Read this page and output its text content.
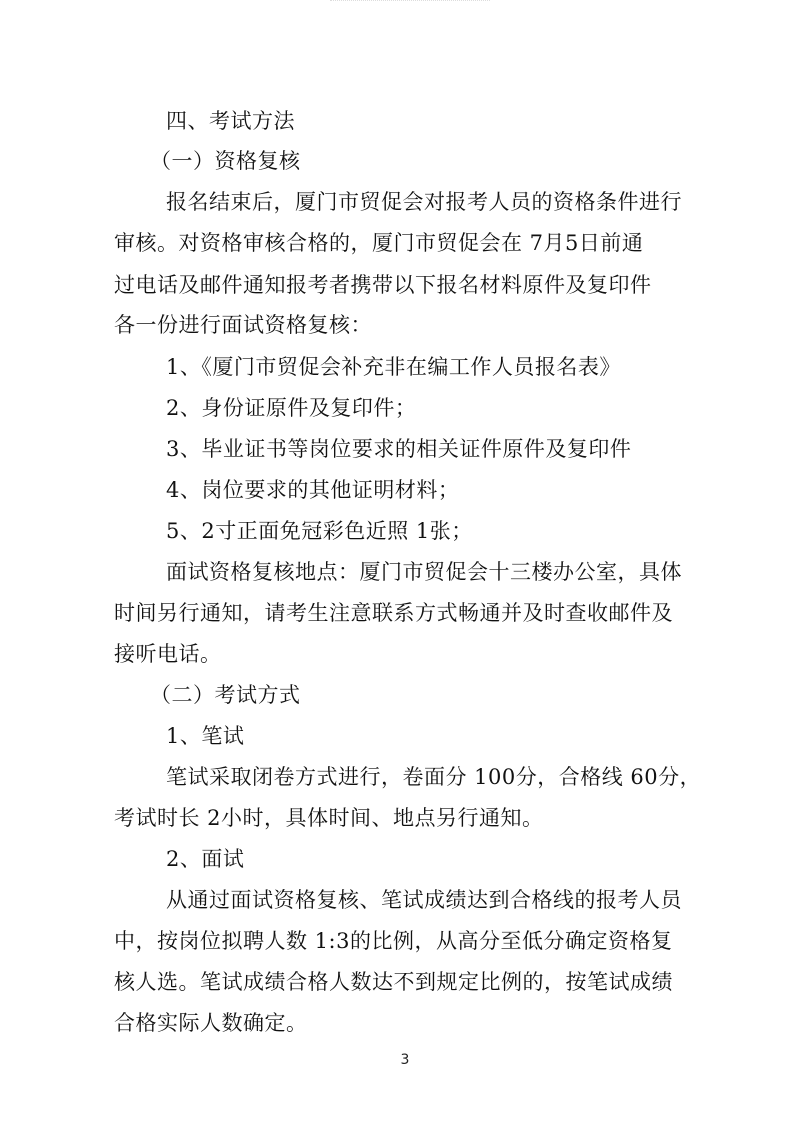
四、考试方法
（一）资格复核
报名结束后，厦门市贸促会对报考人员的资格条件进行
审核。对资格审核合格的，厦门市贸促会在 7月5日前通
过电话及邮件通知报考者携带以下报名材料原件及复印件
各一份进行面试资格复核：
1、《厦门市贸促会补充非在编工作人员报名表》
2、身份证原件及复印件；
3、毕业证书等岗位要求的相关证件原件及复印件
4、岗位要求的其他证明材料；
5、2寸正面免冠彩色近照 1张；
面试资格复核地点：厦门市贸促会十三楼办公室，具体
时间另行通知，请考生注意联系方式畅通并及时查收邮件及
接听电话。
（二）考试方式
1、笔试
笔试采取闭卷方式进行，卷面分 100分，合格线 60分，
考试时长 2小时，具体时间、地点另行通知。
2、面试
从通过面试资格复核、笔试成绩达到合格线的报考人员
中，按岗位拟聘人数 1:3的比例，从高分至低分确定资格复
核人选。笔试成绩合格人数达不到规定比例的，按笔试成绩
合格实际人数确定。
3
